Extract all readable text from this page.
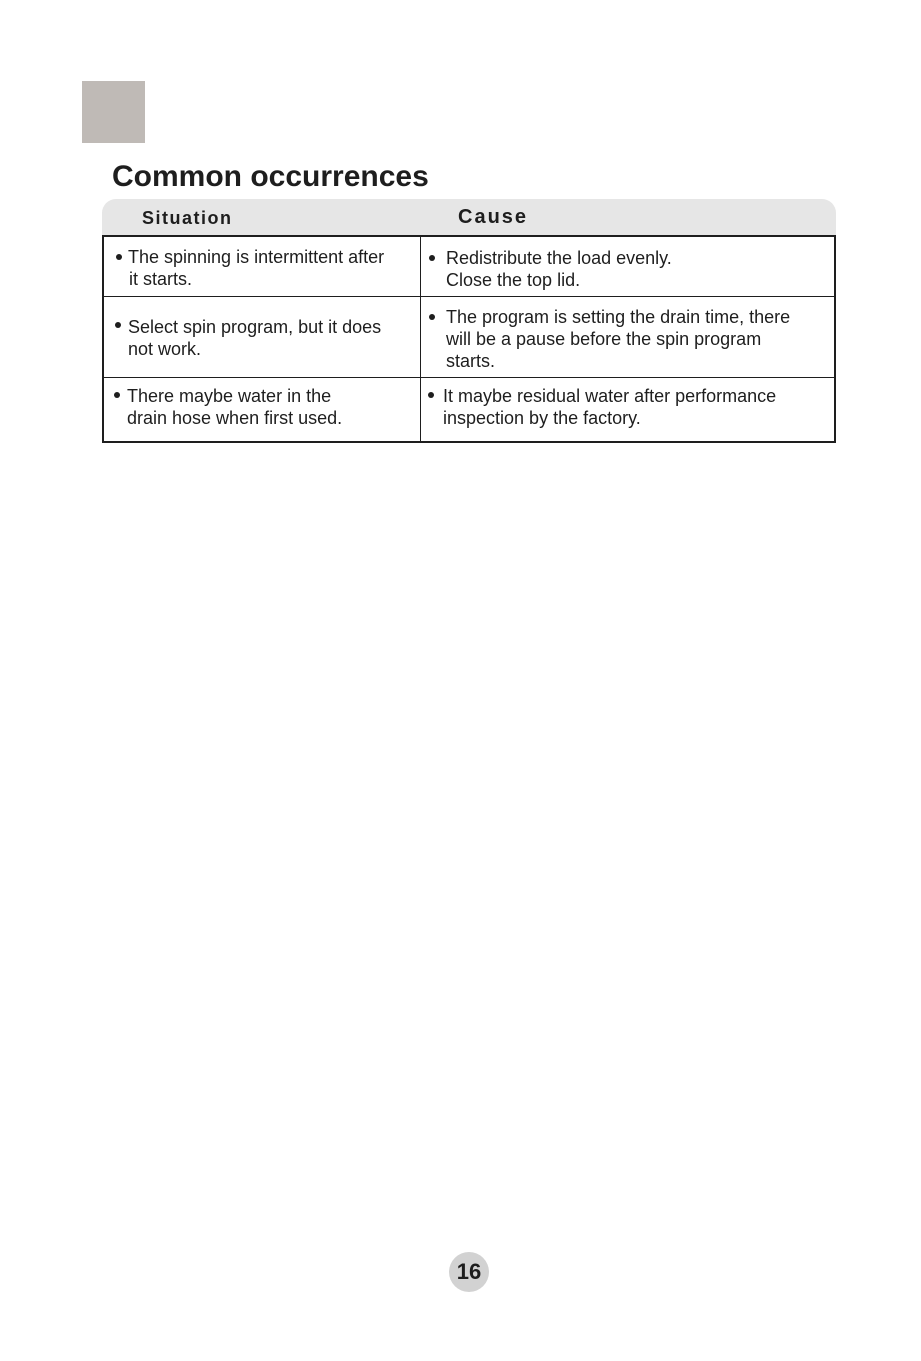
Common occurrences
Situation	Cause
The spinning is intermittent after
it starts.
Redistribute the load evenly.
Close the top lid.
Select spin program, but it does
not work.
The program is setting the drain time, there
will be a pause before the spin program
starts.
There maybe water in the
drain hose when first used.
It maybe residual water after performance
inspection by the factory.
16
